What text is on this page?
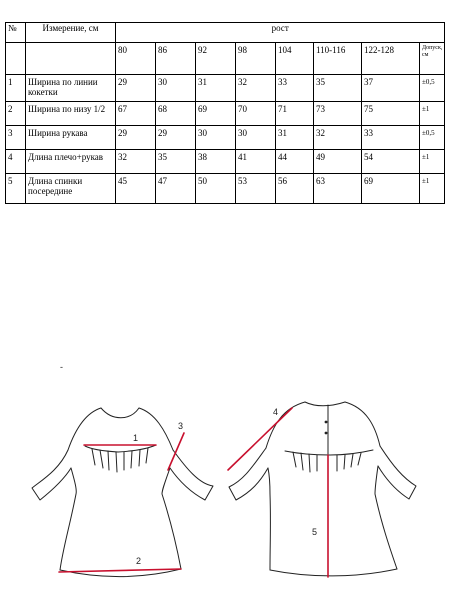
№	Измерение, см	рост							
		80	86	92	98	104	110-116	122-128	Допуск, см
1	Ширина по линии кокетки	29	30	31	32	33	35	37	±0,5
2	Ширина по низу 1/2	67	68	69	70	71	73	75	±1
3	Ширина рукава	29	29	30	30	31	32	33	±0,5
4	Длина плечо+рукав	32	35	38	41	44	49	54	±1
5	Длина спинки посередине	45	47	50	53	56	63	69	±1
-
1
2
3
4
5
